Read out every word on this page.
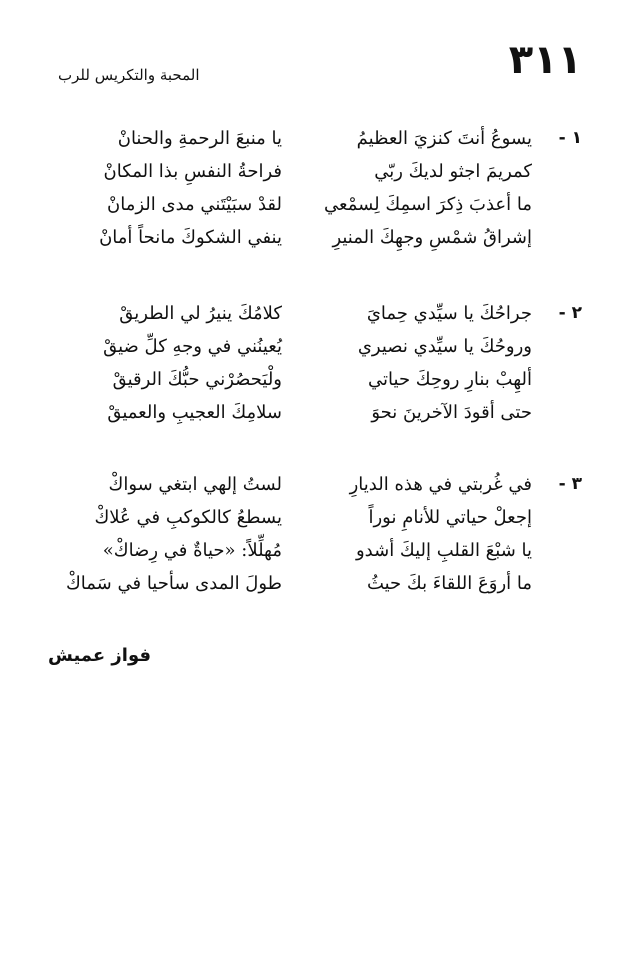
٣١١
المحبة والتكريس للرب
١ -
يسوعُ أنتَ كنزيَ العظيمُ
كمريمَ اجثو لديكَ ربّي
ما أعذبَ ذِكرَ اسمِكَ لِسمْعي
إشراقُ شمْسِ وجهِكَ المنيرِ
يا منبعَ الرحمةِ والحنانْ
فراحةُ النفسِ بذا المكانْ
لقدْ سبَيْتَني مدى الزمانْ
ينفي الشكوكَ مانحاً أمانْ
٢ -
جراحُكَ يا سيِّدي حِمايَ
وروحُكَ يا سيِّدي نصيري
ألهِبْ بنارِ روحِكَ حياتي
حتى أقودَ الآخرينَ نحوَ
كلامُكَ ينيرُ لي الطريقْ
يُعينُني في وجهِ كلِّ ضيقْ
ولْيَحصُرْني حبُّكَ الرقيقْ
سلامِكَ العجيبِ والعميقْ
٣ -
في غُربتي في هذه الديارِ
إجعلْ حياتي للأنامِ نوراً
يا شبْعَ القلبِ إليكَ أشدو
ما أروَعَ اللقاءَ بكَ حيثُ
لستُ إلهي ابتغي سواكْ
يسطعُ كالكوكبِ في عُلاكْ
مُهلِّلاً: «حياةٌ في رِضاكْ»
طولَ المدى سأحيا في سَماكْ
فواز عميش
